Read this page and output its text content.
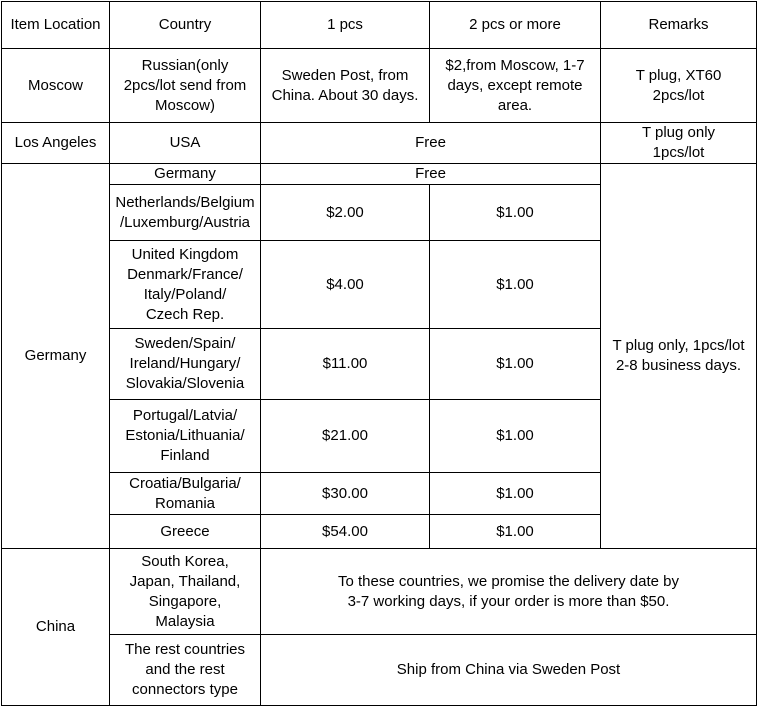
Item Location	Country	1 pcs	2 pcs or more	Remarks
Moscow	Russian(only
2pcs/lot send from
Moscow)	Sweden Post, from
China. About 30 days.	$2,from Moscow, 1-7
days, except remote
area.	T plug, XT60
2pcs/lot
Los Angeles	USA	Free		T plug only
1pcs/lot
Germany	Germany	Free		T plug only, 1pcs/lot
2-8 business days.
	Netherlands/Belgium
/Luxemburg/Austria	$2.00	$1.00	
	United Kingdom
Denmark/France/
Italy/Poland/
Czech Rep.	$4.00	$1.00	
	Sweden/Spain/
Ireland/Hungary/
Slovakia/Slovenia	$11.00	$1.00	
	Portugal/Latvia/
Estonia/Lithuania/
Finland	$21.00	$1.00	
	Croatia/Bulgaria/
Romania	$30.00	$1.00	
	Greece	$54.00	$1.00	
China	South Korea,
Japan, Thailand,
Singapore,
Malaysia	To these countries, we promise the delivery date by
3-7 working days, if your order is more than $50.		
	The rest countries
and the rest
connectors type	Ship from China via Sweden Post		
